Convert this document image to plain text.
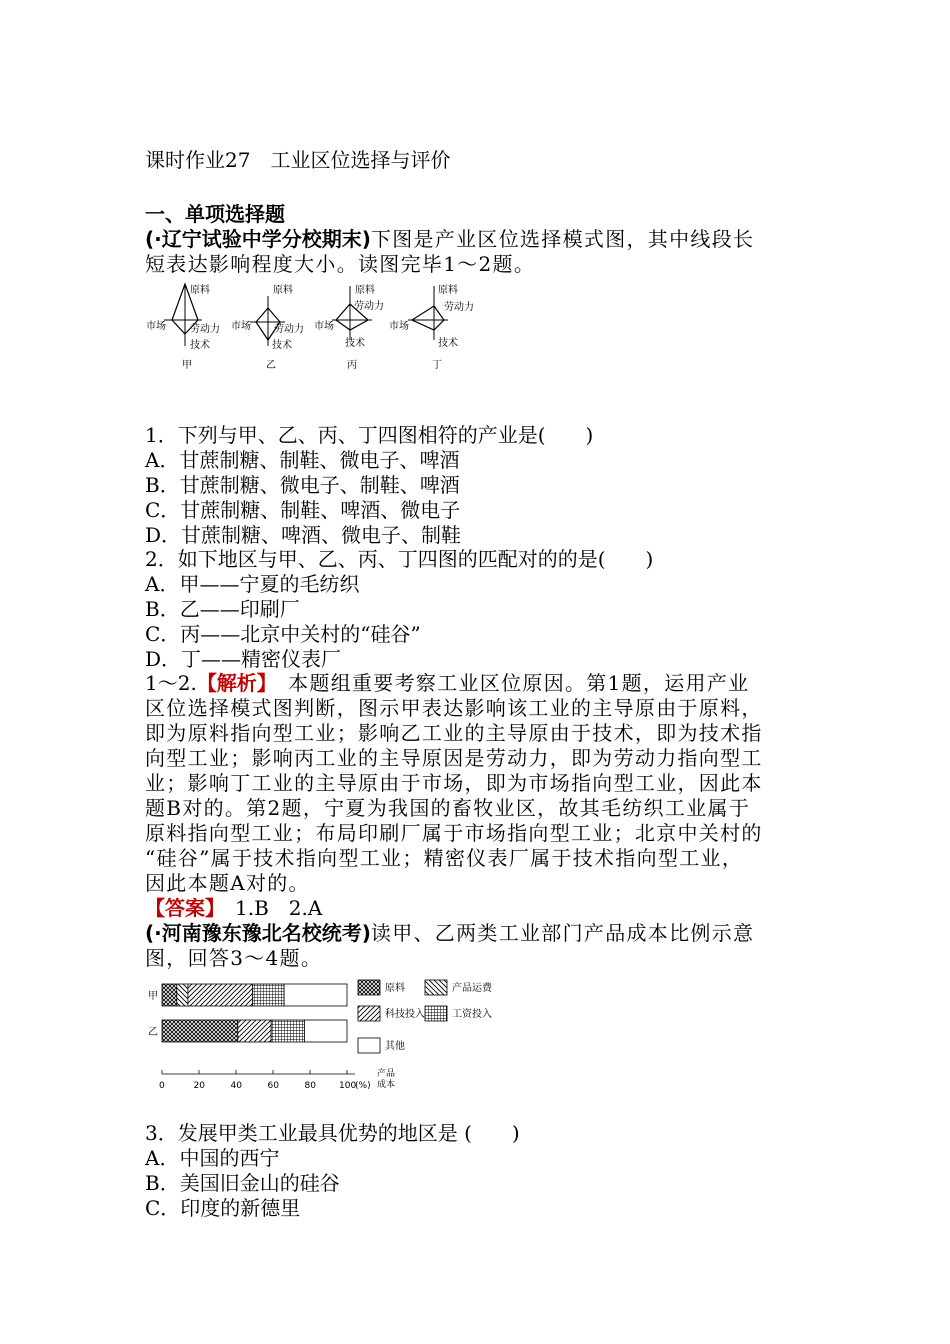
课时作业27　工业区位选择与评价
一、单项选择题
(·辽宁试验中学分校期末)下图是产业区位选择模式图，其中线段长
短表达影响程度大小。读图完毕1～2题。
原料
劳动力
市场
技术
甲
原料
劳动力
市场
技术
乙
原料
劳动力
市场
技术
丙
原料
劳动力
市场
技术
丁
1．下列与甲、乙、丙、丁四图相符的产业是(　　)
A．甘蔗制糖、制鞋、微电子、啤酒
B．甘蔗制糖、微电子、制鞋、啤酒
C．甘蔗制糖、制鞋、啤酒、微电子
D．甘蔗制糖、啤酒、微电子、制鞋
2．如下地区与甲、乙、丙、丁四图的匹配对的的是(　　)
A．甲——宁夏的毛纺织
B．乙——印刷厂
C．丙——北京中关村的“硅谷”
D．丁——精密仪表厂
1～2.【解析】　本题组重要考察工业区位原因。第1题，运用产业
区位选择模式图判断，图示甲表达影响该工业的主导原由于原料，
即为原料指向型工业；影响乙工业的主导原由于技术，即为技术指
向型工业；影响丙工业的主导原因是劳动力，即为劳动力指向型工
业；影响丁工业的主导原由于市场，即为市场指向型工业，因此本
题B对的。第2题，宁夏为我国的畜牧业区，故其毛纺织工业属于
原料指向型工业；布局印刷厂属于市场指向型工业；北京中关村的
“硅谷”属于技术指向型工业；精密仪表厂属于技术指向型工业，
因此本题A对的。
【答案】　1.B　2.A
(·河南豫东豫北名校统考)读甲、乙两类工业部门产品成本比例示意
图，回答3～4题。
甲
乙
原料	产品运费
科技投入	工资投入
其他
0	20	40	60	80	100
(%)
产品
成本
3．发展甲类工业最具优势的地区是 (　　)
A．中国的西宁
B．美国旧金山的硅谷
C．印度的新德里
